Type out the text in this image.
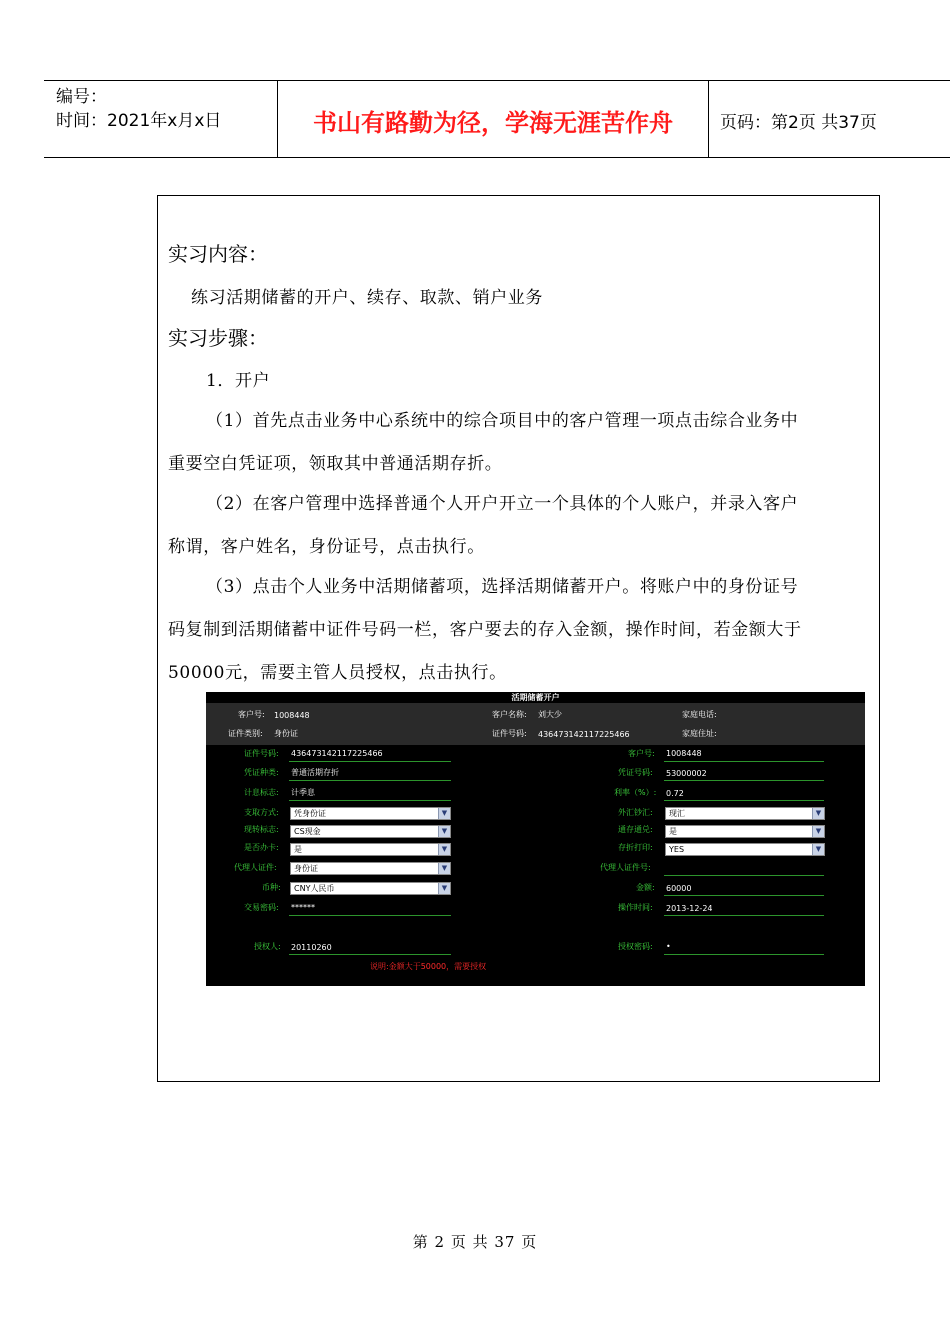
编号：
时间：2021年x月x日	书山有路勤为径，学海无涯苦作舟	页码：第2页 共37页
实习内容：
练习活期储蓄的开户、续存、取款、销户业务
实习步骤：
1．开户
（1）首先点击业务中心系统中的综合项目中的客户管理一项点击综合业务中
重要空白凭证项，领取其中普通活期存折。
（2）在客户管理中选择普通个人开户开立一个具体的个人账户，并录入客户
称谓，客户姓名，身份证号，点击执行。
（3）点击个人业务中活期储蓄项，选择活期储蓄开户。将账户中的身份证号
码复制到活期储蓄中证件号码一栏，客户要去的存入金额，操作时间，若金额大于
50000元，需要主管人员授权，点击执行。
活期储蓄开户
客户号: 1008448	客户名称: 刘大少	家庭电话:
证件类别: 身份证	证件号码: 436473142117225466	家庭住址:
证件号码: 436473142117225466
凭证种类: 普通活期存折
计息标志: 计季息
支取方式:	凭身份证	▼
现转标志:	CS现金	▼
是否办卡:	是	▼
代理人证件:	身份证	▼
币种:	CNY人民币	▼
交易密码: ******
授权人: 20110260
客户号: 1008448
凭证号码: 53000002
利率（%）: 0.72
外汇钞汇:	现汇	▼
通存通兑:	是	▼
存折打印:	YES	▼
代理人证件号:
金额: 60000
操作时间: 2013-12-24
授权密码: •
说明:金额大于50000，需要授权
第 2 页 共 37 页
